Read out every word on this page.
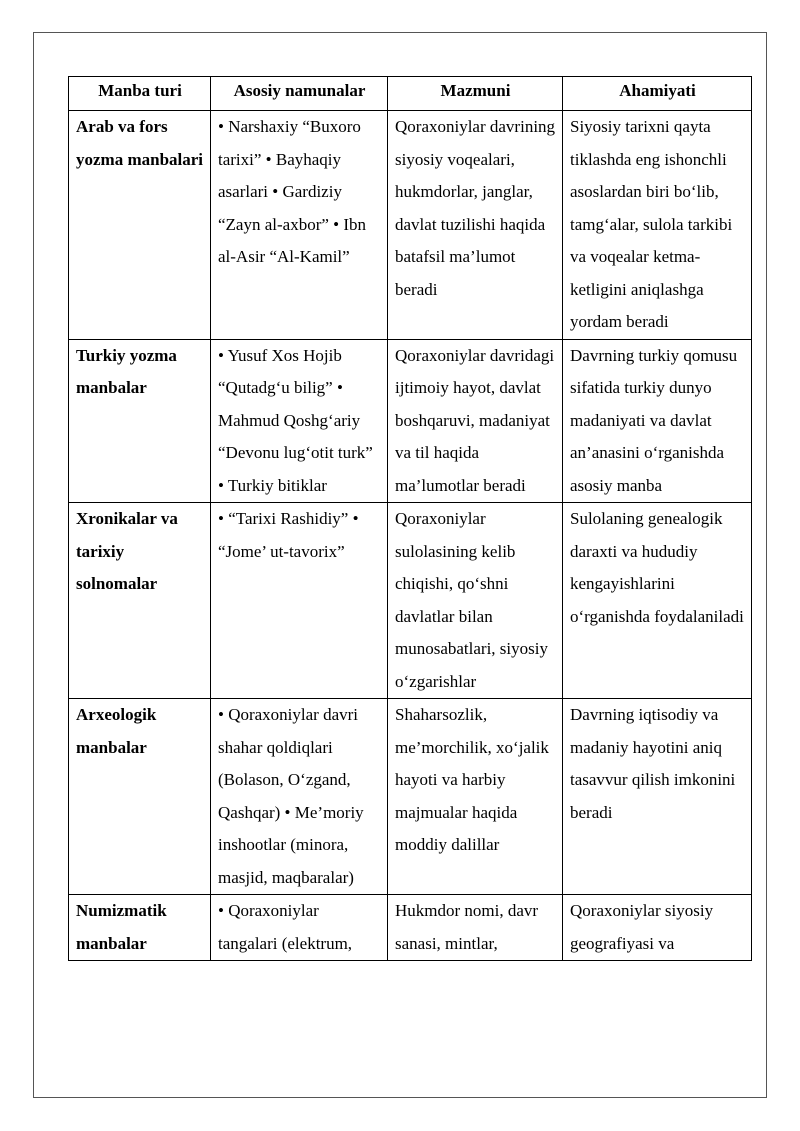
Manba turi	Asosiy namunalar	Mazmuni	Ahamiyati
Arab va fors yozma manbalari	• Narshaxiy “Buxoro tarixi” • Bayhaqiy asarlari • Gardiziy “Zayn al-axbor” • Ibn al-Asir “Al-Kamil”	Qoraxoniylar davrining siyosiy voqealari, hukmdorlar, janglar, davlat tuzilishi haqida batafsil ma’lumot beradi	Siyosiy tarixni qayta tiklashda eng ishonchli asoslardan biri bo‘lib, tamg‘alar, sulola tarkibi va voqealar ketma-ketligini aniqlashga yordam beradi
Turkiy yozma manbalar	• Yusuf Xos Hojib “Qutadg‘u bilig” • Mahmud Qoshg‘ariy “Devonu lug‘otit turk” • Turkiy bitiklar	Qoraxoniylar davridagi ijtimoiy hayot, davlat boshqaruvi, madaniyat va til haqida ma’lumotlar beradi	Davrning turkiy qomusu sifatida turkiy dunyo madaniyati va davlat an’anasini o‘rganishda asosiy manba
Xronikalar va tarixiy solnomalar	• “Tarixi Rashidiy” • “Jome’ ut-tavorix”	Qoraxoniylar sulolasining kelib chiqishi, qo‘shni davlatlar bilan munosabatlari, siyosiy o‘zgarishlar	Sulolaning genealogik daraxti va hududiy kengayishlarini o‘rganishda foydalaniladi
Arxeologik manbalar	• Qoraxoniylar davri shahar qoldiqlari (Bolason, O‘zgand, Qashqar) • Me’moriy inshootlar (minora, masjid, maqbaralar)	Shaharsozlik, me’morchilik, xo‘jalik hayoti va harbiy majmualar haqida moddiy dalillar	Davrning iqtisodiy va madaniy hayotini aniq tasavvur qilish imkonini beradi
Numizmatik manbalar	• Qoraxoniylar tangalari (elektrum,	Hukmdor nomi, davr sanasi, mintlar,	Qoraxoniylar siyosiy geografiyasi va
